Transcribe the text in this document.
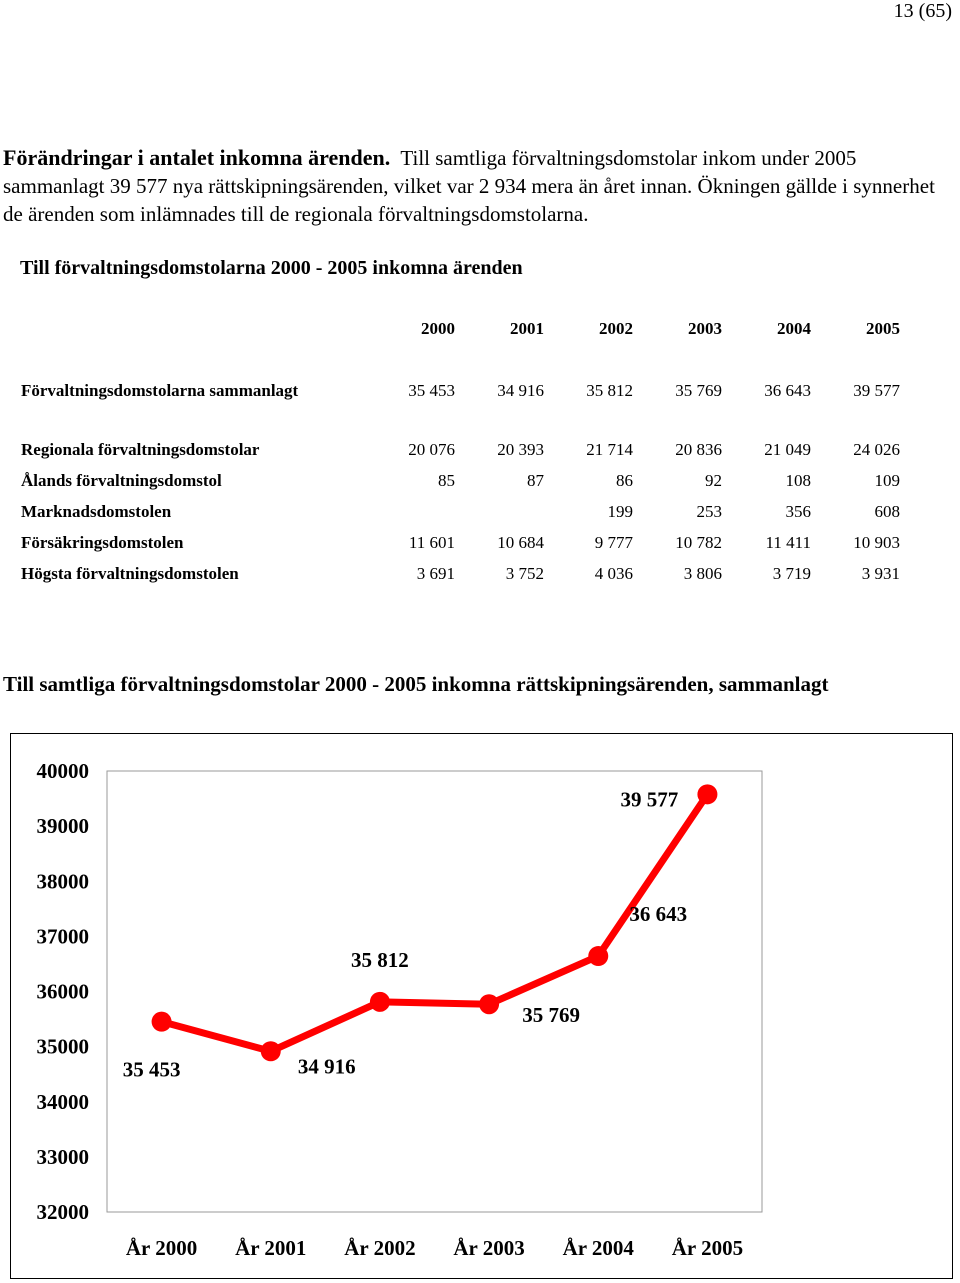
13 (65)
Förändringar i antalet inkomna ärenden. Till samtliga förvaltningsdomstolar inkom under 2005 sammanlagt 39 577 nya rättskipningsärenden, vilket var 2 934 mera än året innan. Ökningen gällde i synnerhet de ärenden som inlämnades till de regionala förvaltningsdomstolarna.
Till förvaltningsdomstolarna 2000 - 2005 inkomna ärenden
	2000	2001	2002	2003	2004	2005

Förvaltningsdomstolarna sammanlagt	35 453	34 916	35 812	35 769	36 643	39 577

Regionala förvaltningsdomstolar	20 076	20 393	21 714	20 836	21 049	24 026
Ålands förvaltningsdomstol	85	87	86	92	108	109
Marknadsdomstolen			199	253	356	608
Försäkringsdomstolen	11 601	10 684	9 777	10 782	11 411	10 903
Högsta förvaltningsdomstolen	3 691	3 752	4 036	3 806	3 719	3 931
Till samtliga förvaltningsdomstolar 2000 - 2005 inkomna rättskipningsärenden, sammanlagt
40000
39000
38000
37000
36000
35000
34000
33000
32000
År 2000 År 2001 År 2002 År 2003 År 2004 År 2005
35 453	34 916
35 812
35 769
36 643
39 577
